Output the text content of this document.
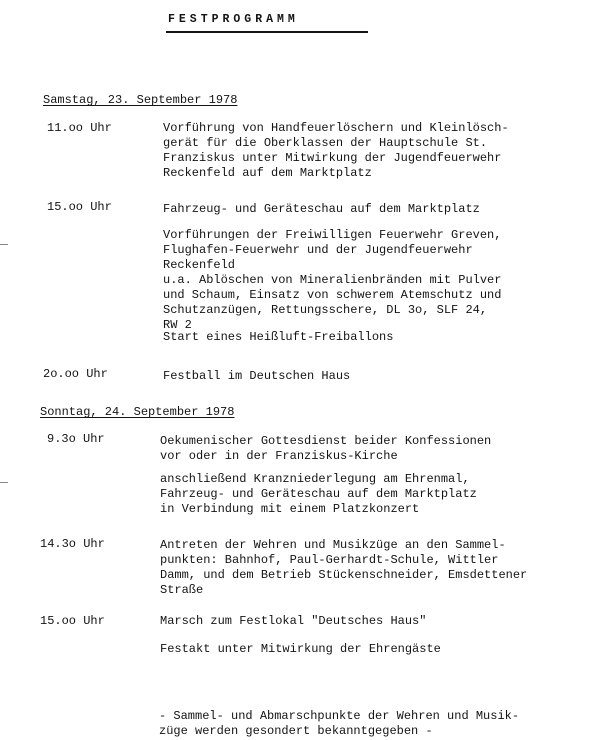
FESTPROGRAMM
Samstag, 23. September 1978
11.oo Uhr	Vorführung von Handfeuerlöschern und Kleinlösch-
gerät für die Oberklassen der Hauptschule St.
Franziskus unter Mitwirkung der Jugendfeuerwehr
Reckenfeld auf dem Marktplatz
15.oo Uhr	Fahrzeug- und Geräteschau auf dem Marktplatz
Vorführungen der Freiwilligen Feuerwehr Greven,
Flughafen-Feuerwehr und der Jugendfeuerwehr
Reckenfeld
u.a. Ablöschen von Mineralienbränden mit Pulver
und Schaum, Einsatz von schwerem Atemschutz und
Schutzanzügen, Rettungsschere, DL 3o, SLF 24,
RW 2
Start eines Heißluft-Freiballons
2o.oo Uhr	Festball im Deutschen Haus
Sonntag, 24. September 1978
9.3o Uhr	Oekumenischer Gottesdienst beider Konfessionen
vor oder in der Franziskus-Kirche
anschließend Kranzniederlegung am Ehrenmal,
Fahrzeug- und Geräteschau auf dem Marktplatz
in Verbindung mit einem Platzkonzert
14.3o Uhr	Antreten der Wehren und Musikzüge an den Sammel-
punkten: Bahnhof, Paul-Gerhardt-Schule, Wittler
Damm, und dem Betrieb Stückenschneider, Emsdettener
Straße
15.oo Uhr	Marsch zum Festlokal "Deutsches Haus"
Festakt unter Mitwirkung der Ehrengäste
- Sammel- und Abmarschpunkte der Wehren und Musik-
züge werden gesondert bekanntgegeben -
